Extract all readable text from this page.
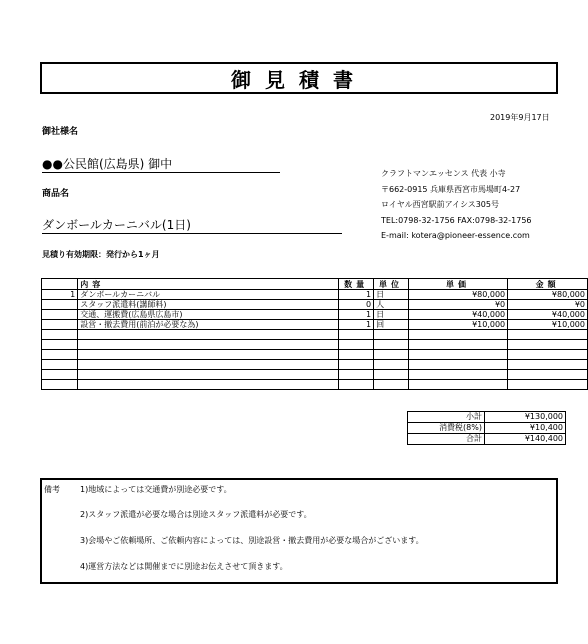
御見積書
2019年9月17日
御社様名
●●公民館(広島県) 御中
商品名
ダンボールカーニバル(1日)
見積り有効期限：発行から1ヶ月
クラフトマンエッセンス 代表 小寺
〒662-0915 兵庫県西宮市馬場町4-27
ロイヤル西宮駅前アイシス305号
TEL:0798-32-1756 FAX:0798-32-1756
E-mail: kotera@pioneer-essence.com
	内容	数量	単位	単価	金額
1	ダンボールカーニバル	1	日	¥80,000	¥80,000
	スタッフ派遣料(講師料)	0	人	¥0	¥0
	交通、運搬費(広島県広島市)	1	日	¥40,000	¥40,000
	設営・撤去費用(前泊が必要な為)	1	回	¥10,000	¥10,000

小計	¥130,000
消費税(8%)	¥10,400
合計	¥140,400
備考	1)地域によっては交通費が別途必要です。
2)スタッフ派遣が必要な場合は別途スタッフ派遣料が必要です。
3)会場やご依頼場所、ご依頼内容によっては、別途設営・撤去費用が必要な場合がございます。
4)運営方法などは開催までに別途お伝えさせて頂きます。
